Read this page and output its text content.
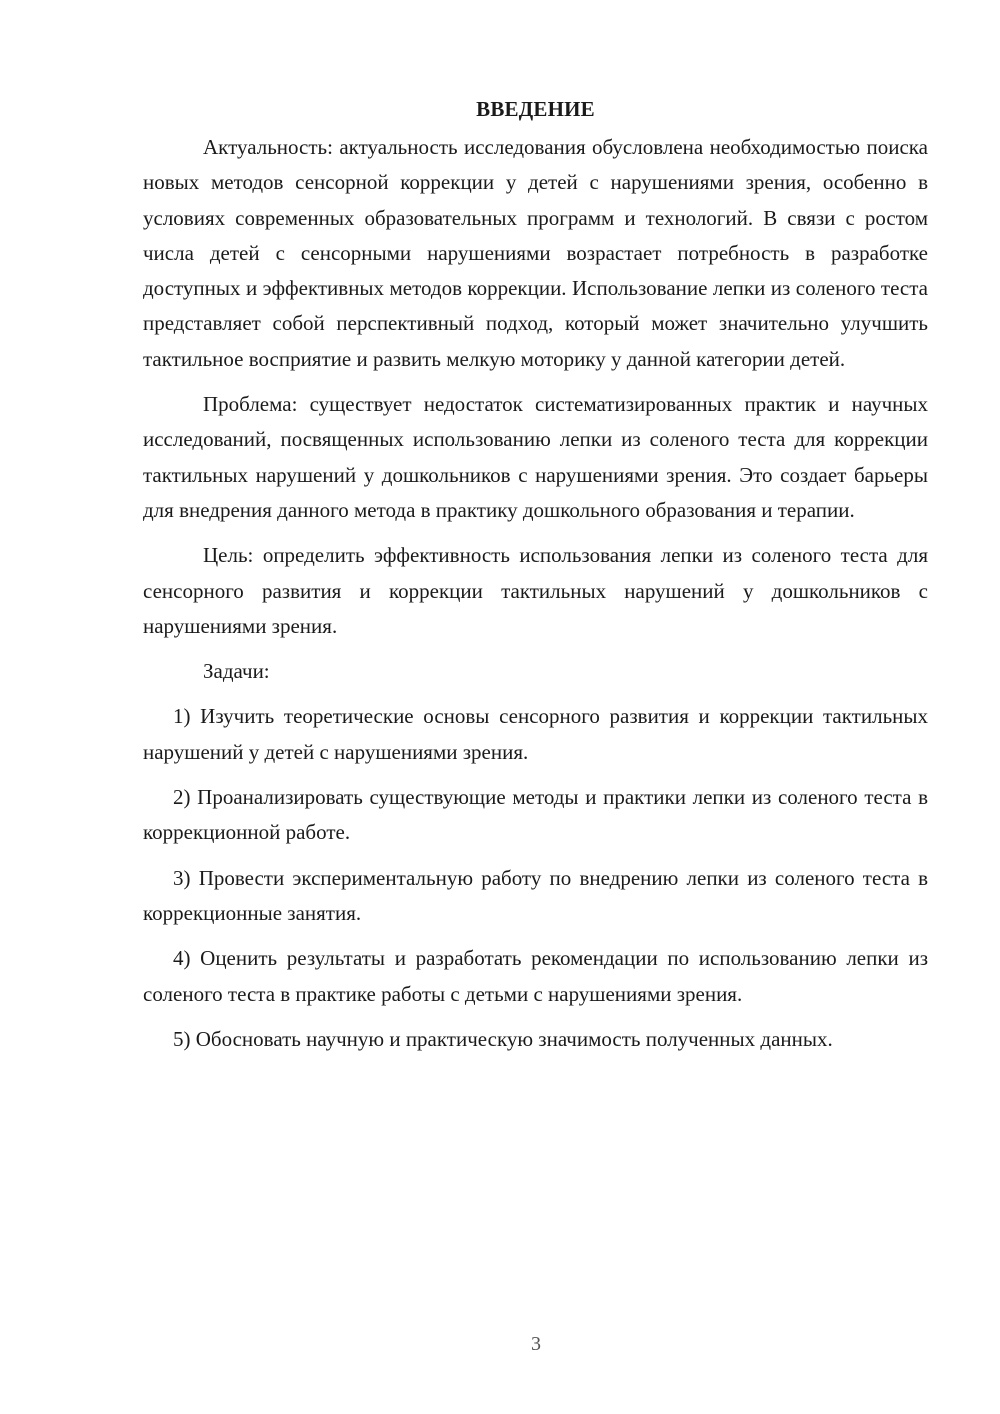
ВВЕДЕНИЕ

Актуальность: актуальность исследования обусловлена необходимостью поиска новых методов сенсорной коррекции у детей с нарушениями зрения, особенно в условиях современных образовательных программ и технологий. В связи с ростом числа детей с сенсорными нарушениями возрастает потребность в разработке доступных и эффективных методов коррекции. Использование лепки из соленого теста представляет собой перспективный подход, который может значительно улучшить тактильное восприятие и развить мелкую моторику у данной категории детей.

Проблема: существует недостаток систематизированных практик и научных исследований, посвященных использованию лепки из соленого теста для коррекции тактильных нарушений у дошкольников с нарушениями зрения. Это создает барьеры для внедрения данного метода в практику дошкольного образования и терапии.

Цель: определить эффективность использования лепки из соленого теста для сенсорного развития и коррекции тактильных нарушений у дошкольников с нарушениями зрения.

Задачи:

1) Изучить теоретические основы сенсорного развития и коррекции тактильных нарушений у детей с нарушениями зрения.

2) Проанализировать существующие методы и практики лепки из соленого теста в коррекционной работе.

3) Провести экспериментальную работу по внедрению лепки из соленого теста в коррекционные занятия.

4) Оценить результаты и разработать рекомендации по использованию лепки из соленого теста в практике работы с детьми с нарушениями зрения.

5) Обосновать научную и практическую значимость полученных данных.

3
